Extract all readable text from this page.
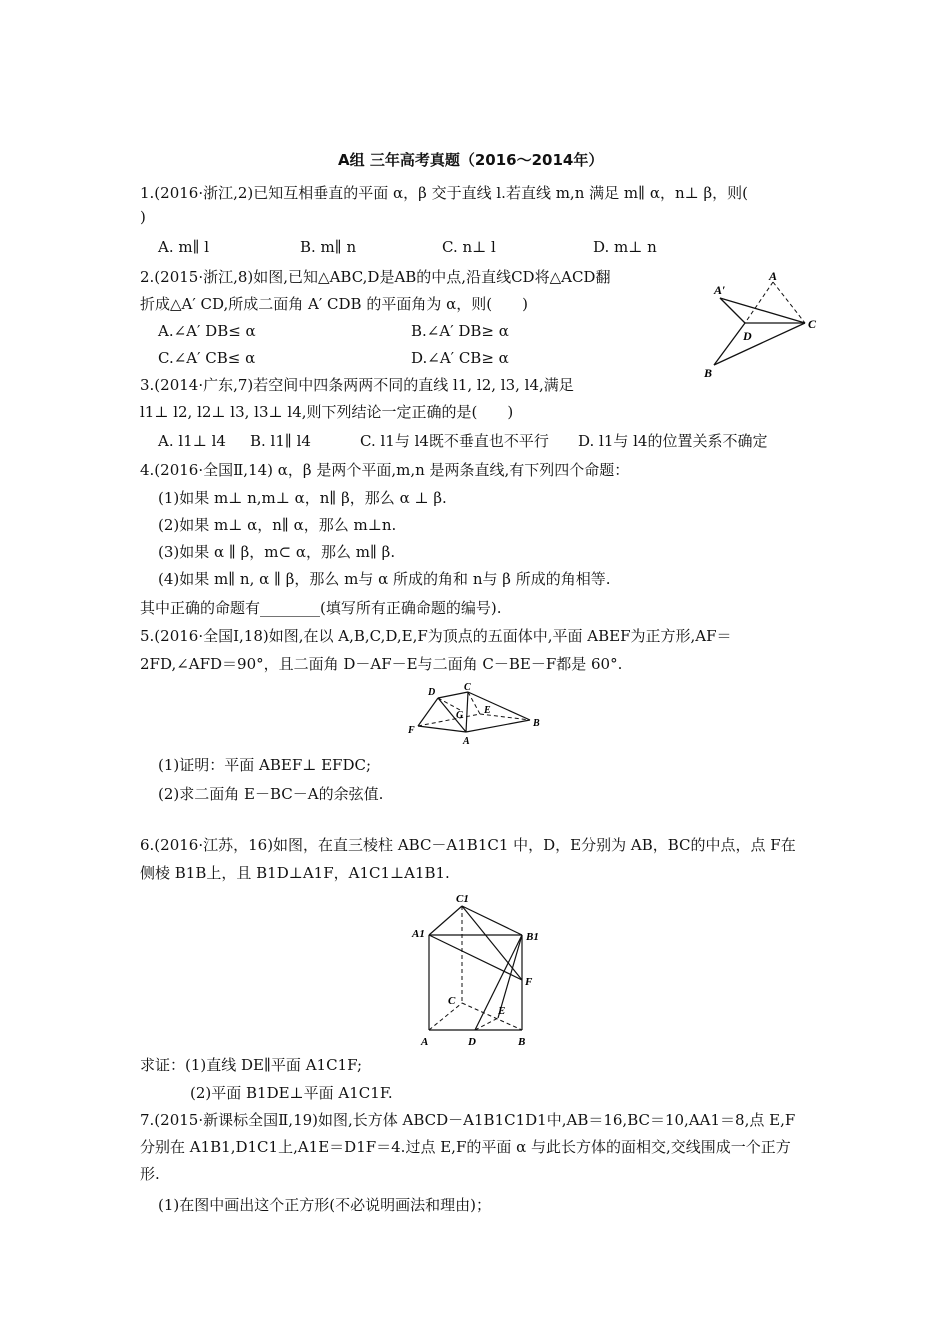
A组 三年高考真题（2016～2014年）
1.(2016·浙江,2)已知互相垂直的平面 α，β 交于直线 l.若直线 m,n 满足 m∥ α，n⊥ β，则(
)
A. m∥ l	B. m∥ n	C. n⊥ l	D. m⊥ n
2.(2015·浙江,8)如图,已知△ABC,D是AB的中点,沿直线CD将△ACD翻
折成△A′ CD,所成二面角 A′ CDB 的平面角为 α，则(　　)
A.∠A′ DB≤ α	B.∠A′ DB≥ α
C.∠A′ CB≤ α	D.∠A′ CB≥ α
A
A′
C
D
B
3.(2014·广东,7)若空间中四条两两不同的直线 l1, l2, l3, l4,满足
l1⊥ l2, l2⊥ l3, l3⊥ l4,则下列结论一定正确的是(　　)
A. l1⊥ l4 B. l1∥ l4	C. l1与 l4既不垂直也不平行 D. l1与 l4的位置关系不确定
4.(2016·全国Ⅱ,14) α，β 是两个平面,m,n 是两条直线,有下列四个命题：
(1)如果 m⊥ n,m⊥ α，n∥ β，那么 α ⊥ β.
(2)如果 m⊥ α，n∥ α，那么 m⊥n.
(3)如果 α ∥ β，m⊂ α，那么 m∥ β.
(4)如果 m∥ n, α ∥ β，那么 m与 α 所成的角和 n与 β 所成的角相等.
其中正确的命题有________(填写所有正确命题的编号).
5.(2016·全国Ⅰ,18)如图,在以 A,B,C,D,E,F为顶点的五面体中,平面 ABEF为正方形,AF＝
2FD,∠AFD＝90°，且二面角 D－AF－E与二面角 C－BE－F都是 60°.
D	C
G E
F
B
A
(1)证明：平面 ABEF⊥ EFDC;
(2)求二面角 E－BC－A的余弦值.
6.(2016·江苏，16)如图，在直三棱柱 ABC－A1B1C1 中，D，E分别为 AB，BC的中点，点 F在
侧棱 B1B上，且 B1D⊥A1F，A1C1⊥A1B1.
C1
A1	B1
F
C
E
A	D	B
求证：(1)直线 DE∥平面 A1C1F;
(2)平面 B1DE⊥平面 A1C1F.
7.(2015·新课标全国Ⅱ,19)如图,长方体 ABCD－A1B1C1D1中,AB＝16,BC＝10,AA1＝8,点 E,F
分别在 A1B1,D1C1上,A1E＝D1F＝4.过点 E,F的平面 α 与此长方体的面相交,交线围成一个正方
形.
(1)在图中画出这个正方形(不必说明画法和理由)；
